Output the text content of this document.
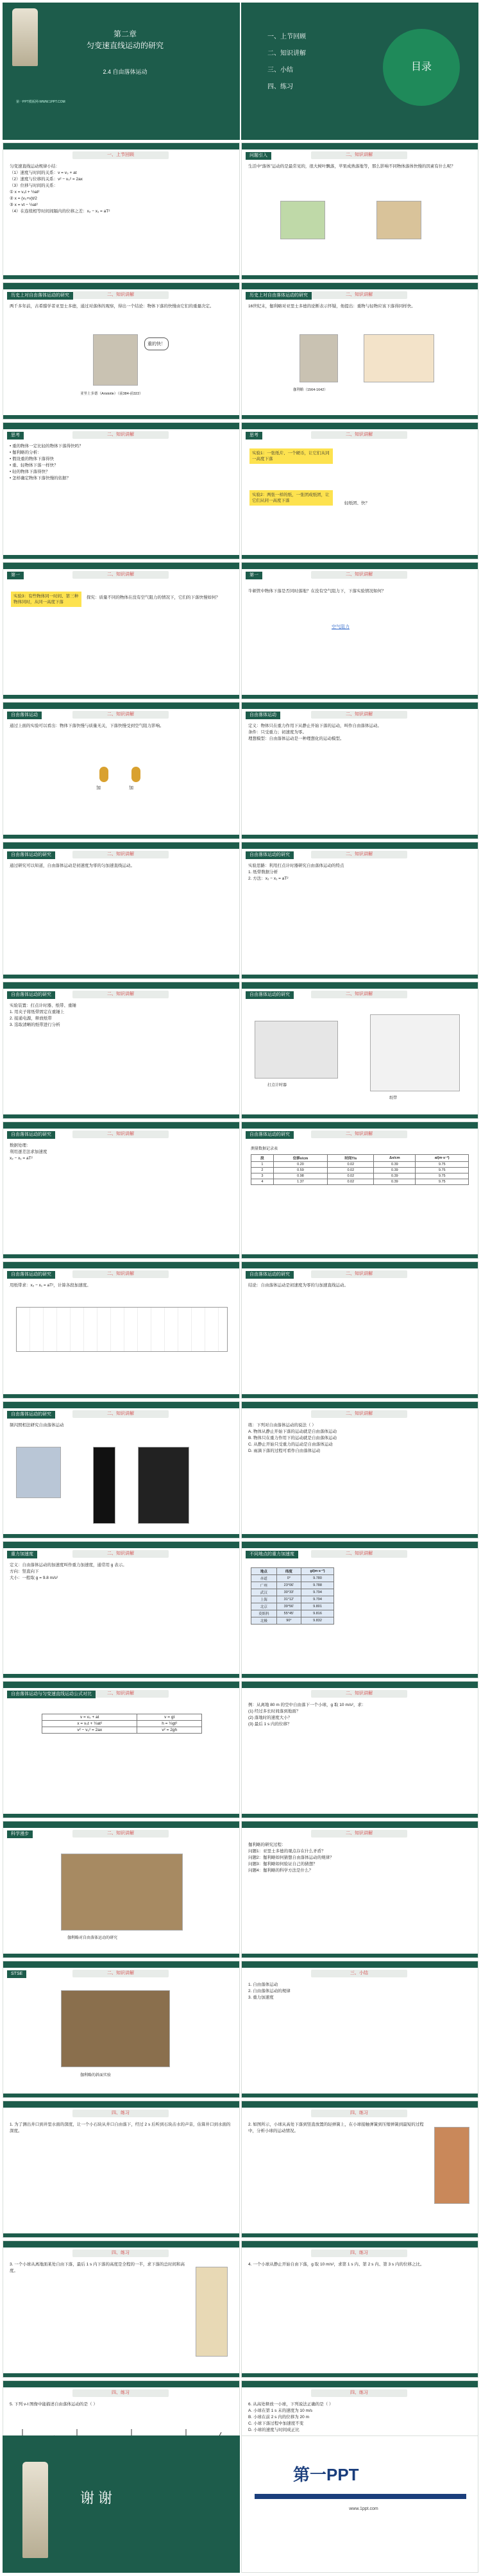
第二章
匀变速直线运动的研究
2.4 自由落体运动
第一PPT模板网-WWW.1PPT.COM
一、上节回顾
二、知识讲解
三、小结
四、练习
目录
一、上节回顾

匀变速直线运动规律小结：

（1）速度与时间的关系：v = v₀ + at

（2）速度与位移的关系：v² − v₀² = 2ax

（3）位移与时间的关系：

① x = v₀t + ½at²

② x = (v₀+v)t/2

③ x = vt − ½at²

（4）在连续相等时间间隔内的位移之差：x₂ − x₁ = aT²

二、知识讲解
问题引入

生活中“落体”运动的是最常见的，很大树叶飘落，苹果成熟落地等，那么影响不同物体落体快慢的因素有什么呢？

二、知识讲解
历史上对自由落体运动的研究

两千多年前，古希腊学者亚里士多德，通过对落体的观察，得出一个结论：物体下落的快慢由它们的重量决定。

重的快！
亚里士多德（Aristotle）（前384-前322）
二、知识讲解
历史上对自由落体运动的研究

16世纪末，伽利略对亚里士多德的论断表示怀疑，他提出：重物与轻物应该下落得同样快。

伽利略（1564-1642）
二、知识讲解
思考

• 重的物体一定比轻的物体下落得快吗？

• 伽利略的分析：

• 假设重的物体下落得快

• 重、轻物体下落一样快？

• 轻的物体下落得快？

• 怎样确定物体下落快慢的依据？

二、知识讲解
思考
实验1：一张纸片、一个硬币，让它们从同一高度下落
实验2：两张一样的纸，一张团成纸团，让它们从同一高度下落
轻纸团、快？
二、知识讲解
第一
实验3：有些物体同一时间、第三种物体同时，从同一高度下落
探究：质量不同的物体在没有空气阻力的情况下，它们的下落快慢如何？
二、知识讲解
第一

牛顿管中物体下落是否同时落地？在没有空气阻力下，下落实验情况如何？

空气阻力
二、知识讲解
自由落体运动

通过上面的实验可以看出：物体下落快慢与质量无关，下落快慢受到空气阻力影响。

加	加
二、知识讲解
自由落体运动

定义：物体只在重力作用下从静止开始下落的运动，叫作自由落体运动。

条件：只受重力；初速度为零。

理想模型：自由落体运动是一种理想化的运动模型。

二、知识讲解
自由落体运动的研究

通过研究可以知道，自由落体运动是初速度为零的匀加速直线运动。

二、知识讲解
自由落体运动的研究

实验思路：利用打点计时器研究自由落体运动的特点

1. 纸带数据分析

2. 方法：x₂ − x₁ = aT²

二、知识讲解
自由落体运动的研究

实验装置：打点计时器、纸带、重锤

1. 用夹子将纸带固定在重锤上

2. 接通电源，释放纸带

3. 选取清晰的纸带进行分析

二、知识讲解
自由落体运动的研究
打点计时器
纸带
二、知识讲解
自由落体运动的研究

数据处理：

利用逐差法求加速度

x₂ − x₁ = aT²

二、知识讲解
自由落体运动的研究
测量数据记录表
段	位移x/cm	时间T/s	Δx/cm	a/(m·s⁻²)
1	0.20	0.02	0.39	9.75
2	0.59	0.02	0.39	9.75
3	0.98	0.02	0.39	9.75
4	1.37	0.02	0.39	9.75
二、知识讲解
自由落体运动的研究

用纸带求：x₂ − x₁ = aT²，计算各段加速度。

二、知识讲解
自由落体运动的研究

结论：自由落体运动是初速度为零的匀加速直线运动。

二、知识讲解
自由落体运动的研究

频闪照相法研究自由落体运动

二、知识讲解

练：下列对自由落体运动的说法（ ）

A. 物体从静止开始下落的运动就是自由落体运动

B. 物体只在重力作用下的运动就是自由落体运动

C. 从静止开始只受重力的运动是自由落体运动

D. 雨滴下落的过程可看作自由落体运动

二、知识讲解
重力加速度

定义：自由落体运动的加速度叫作重力加速度，通常用 g 表示。

方向：竖直向下

大小：一般取 g = 9.8 m/s²

二、知识讲解
不同地点的重力加速度
地点	纬度	g/(m·s⁻²)
赤道	0°	9.780
广州	23°06'	9.788
武汉	30°33'	9.794
上海	31°12'	9.794
北京	39°56'	9.801
莫斯科	55°45'	9.816
北极	90°	9.832
二、知识讲解
自由落体运动与匀变速直线运动公式对比
v = v₀ + at	v = gt
x = v₀t + ½at²	h = ½gt²
v² − v₀² = 2ax	v² = 2gh
二、知识讲解

例：从离地 80 m 的空中自由落下一个小球，g 取 10 m/s²，求：

(1) 经过多长时间落到地面？

(2) 落地时的速度大小？

(3) 最后 1 s 内的位移？

二、知识讲解
科学漫步
伽利略对自由落体运动的研究
二、知识讲解

伽利略的研究过程：

问题1：亚里士多德的观点存在什么矛盾？

问题2：伽利略如何猜想自由落体运动的规律？

问题3：伽利略如何验证自己的猜想？

问题4：伽利略的科学方法是什么？

二、知识讲解
STSE
伽利略的斜面实验
三、小结

1. 自由落体运动

2. 自由落体运动的规律

3. 重力加速度

四、练习

1. 为了测出井口到井里水面的深度，让一个小石块从井口自由落下，经过 2 s 后听到石块击水的声音，估算井口到水面的深度。

四、练习

2. 如图所示，小球从高处下落到竖直放置的轻弹簧上，在小球接触弹簧到压缩弹簧到最短的过程中，分析小球的运动情况。

四、练习

3. 一个小球从离地面某处自由下落，最后 1 s 内下落的高度是全程的一半，求下落的总时间和高度。

四、练习

4. 一个小球从静止开始自由下落，g 取 10 m/s²，求第 1 s 内、第 2 s 内、第 3 s 内的位移之比。

四、练习

5. 下列 v-t 图像中能描述自由落体运动的是（ ）

四、练习

6. 从高处释放一小球，下列说法正确的是（ ）

A. 小球在第 1 s 末的速度为 10 m/s

B. 小球在前 2 s 内的位移为 20 m

C. 小球下落过程中加速度不变

D. 小球的速度与时间成正比

谢谢
第一PPT
www.1ppt.com
